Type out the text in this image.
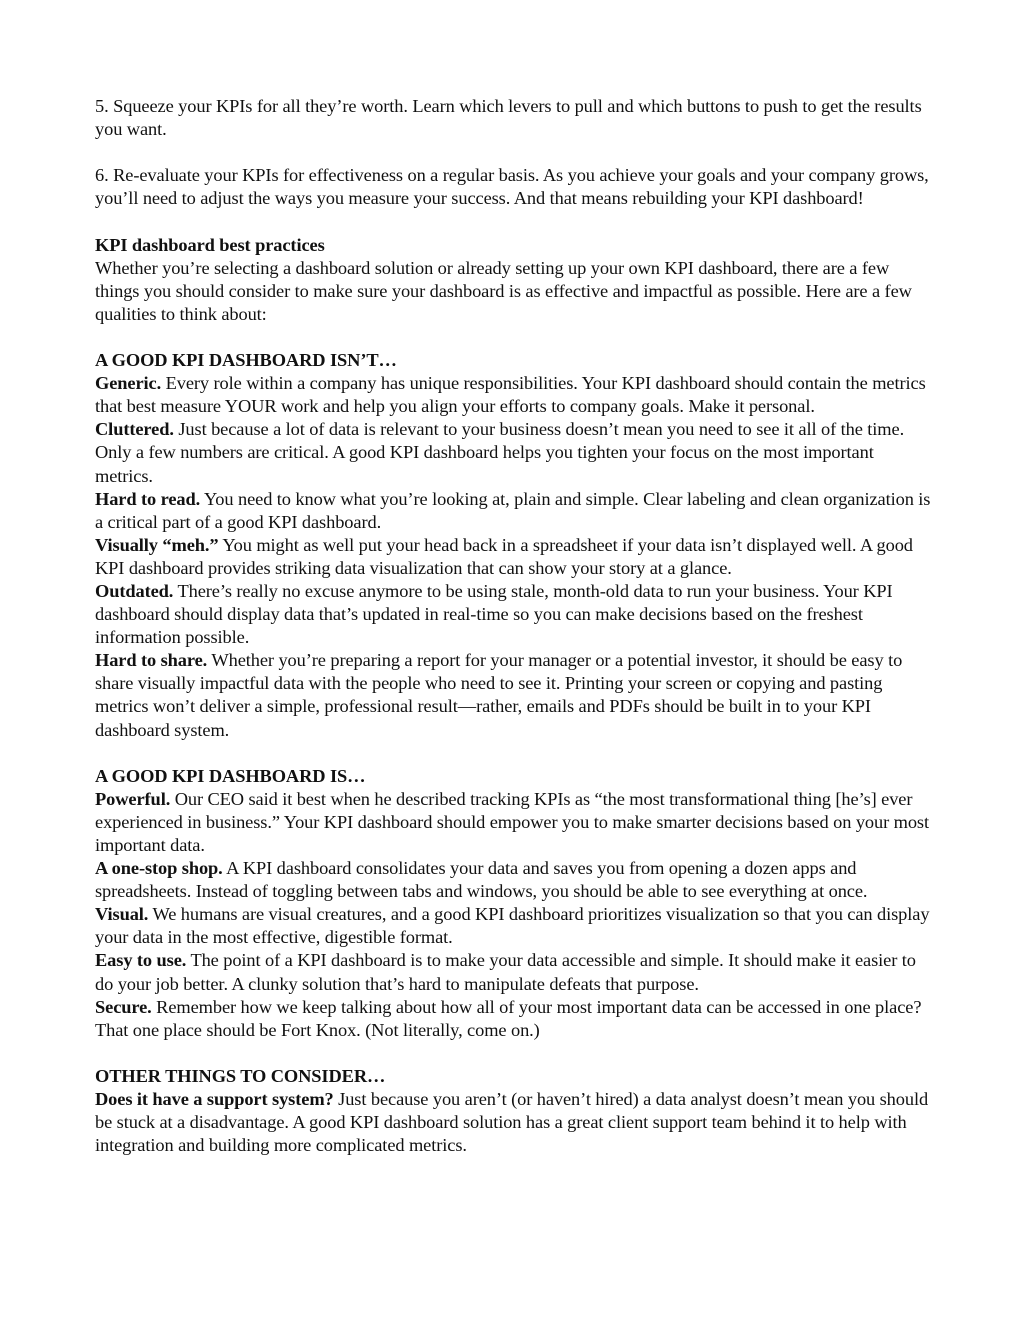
5. Squeeze your KPIs for all they’re worth. Learn which levers to pull and which buttons to push to get the results you want.

6. Re-evaluate your KPIs for effectiveness on a regular basis. As you achieve your goals and your company grows, you’ll need to adjust the ways you measure your success. And that means rebuilding your KPI dashboard!

KPI dashboard best practices

Whether you’re selecting a dashboard solution or already setting up your own KPI dashboard, there are a few things you should consider to make sure your dashboard is as effective and impactful as possible. Here are a few qualities to think about:

A GOOD KPI DASHBOARD ISN’T…

Generic. Every role within a company has unique responsibilities. Your KPI dashboard should contain the metrics that best measure YOUR work and help you align your efforts to company goals. Make it personal.

Cluttered. Just because a lot of data is relevant to your business doesn’t mean you need to see it all of the time. Only a few numbers are critical. A good KPI dashboard helps you tighten your focus on the most important metrics.

Hard to read. You need to know what you’re looking at, plain and simple. Clear labeling and clean organization is a critical part of a good KPI dashboard.

Visually “meh.” You might as well put your head back in a spreadsheet if your data isn’t displayed well. A good KPI dashboard provides striking data visualization that can show your story at a glance.

Outdated. There’s really no excuse anymore to be using stale, month-old data to run your business. Your KPI dashboard should display data that’s updated in real-time so you can make decisions based on the freshest information possible.

Hard to share. Whether you’re preparing a report for your manager or a potential investor, it should be easy to share visually impactful data with the people who need to see it. Printing your screen or copying and pasting metrics won’t deliver a simple, professional result—rather, emails and PDFs should be built in to your KPI dashboard system.

A GOOD KPI DASHBOARD IS…

Powerful. Our CEO said it best when he described tracking KPIs as “the most transformational thing [he’s] ever experienced in business.” Your KPI dashboard should empower you to make smarter decisions based on your most important data.

A one-stop shop. A KPI dashboard consolidates your data and saves you from opening a dozen apps and spreadsheets. Instead of toggling between tabs and windows, you should be able to see everything at once.

Visual. We humans are visual creatures, and a good KPI dashboard prioritizes visualization so that you can display your data in the most effective, digestible format.

Easy to use. The point of a KPI dashboard is to make your data accessible and simple. It should make it easier to do your job better. A clunky solution that’s hard to manipulate defeats that purpose.

Secure. Remember how we keep talking about how all of your most important data can be accessed in one place? That one place should be Fort Knox. (Not literally, come on.)

OTHER THINGS TO CONSIDER…

Does it have a support system? Just because you aren’t (or haven’t hired) a data analyst doesn’t mean you should be stuck at a disadvantage. A good KPI dashboard solution has a great client support team behind it to help with integration and building more complicated metrics.
